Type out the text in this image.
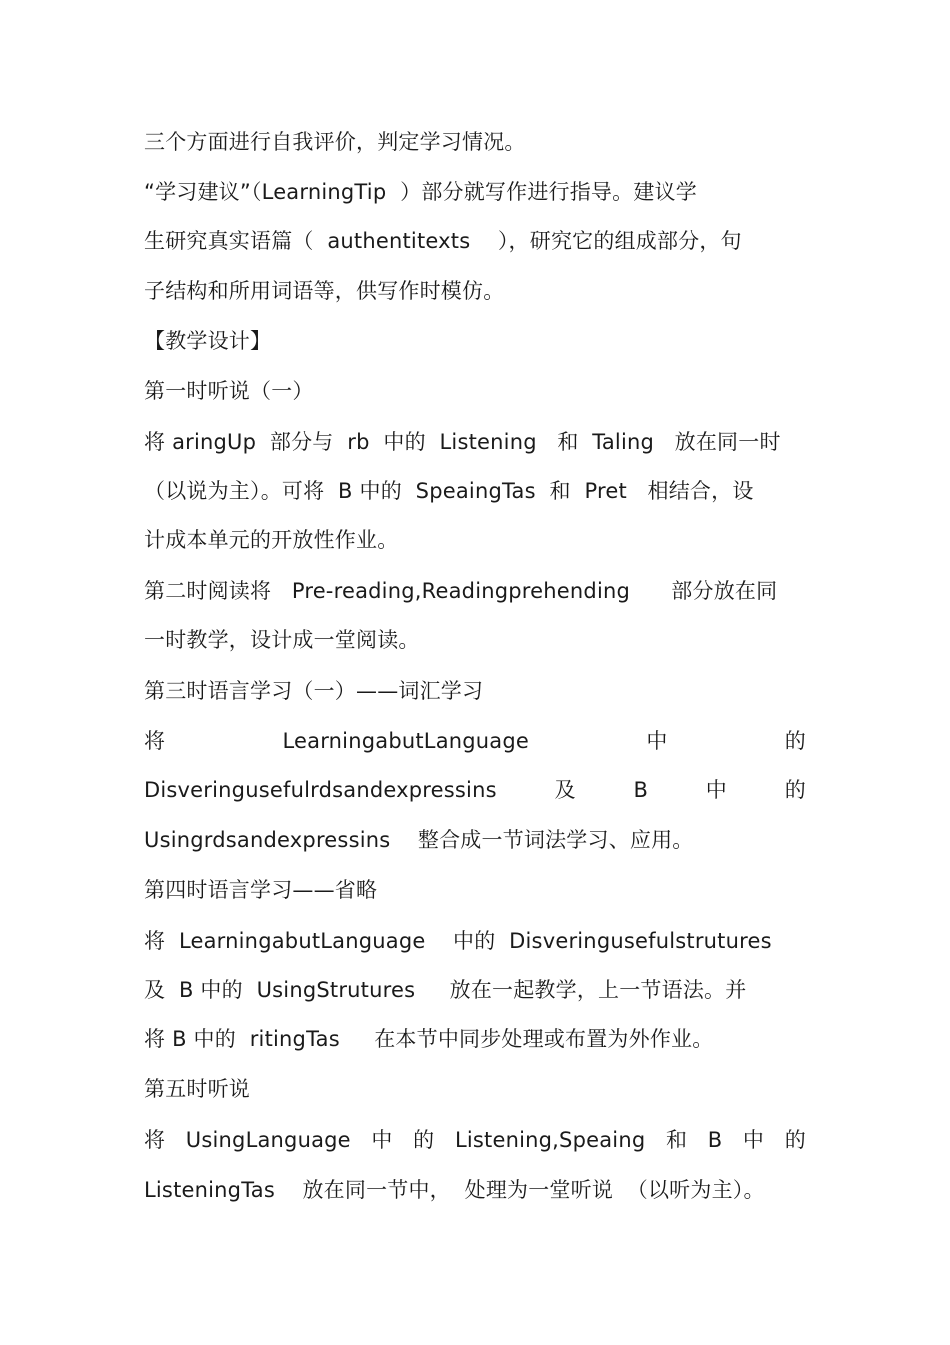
三个方面进行自我评价，判定学习情况。
“学习建议”（LearningTip  ）部分就写作进行指导。建议学
生研究真实语篇（  authentitexts    ），研究它的组成部分，句
子结构和所用词语等，供写作时模仿。
【教学设计】
第一时听说（一）
将 aringUp  部分与  rb  中的  Listening   和  Taling   放在同一时
（以说为主）。可将  B 中的  SpeaingTas  和  Pret   相结合，设
计成本单元的开放性作业。
第二时阅读将   Pre-reading,Readingprehending      部分放在同
一时教学，设计成一堂阅读。
第三时语言学习（一）——词汇学习
将	LearningabutLanguage	中	的
Disveringusefulrdsandexpressins	及	B	中	的
Usingrdsandexpressins    整合成一节词法学习、应用。
第四时语言学习——省略
将  LearningabutLanguage    中的  Disveringusefulstrutures
及  B 中的  UsingStrutures     放在一起教学，上一节语法。并
将 B 中的  ritingTas     在本节中同步处理或布置为外作业。
第五时听说
将 UsingLanguage 中 的 Listening,Speaing 和 B 中 的
ListeningTas    放在同一节中，  处理为一堂听说  （以听为主）。
